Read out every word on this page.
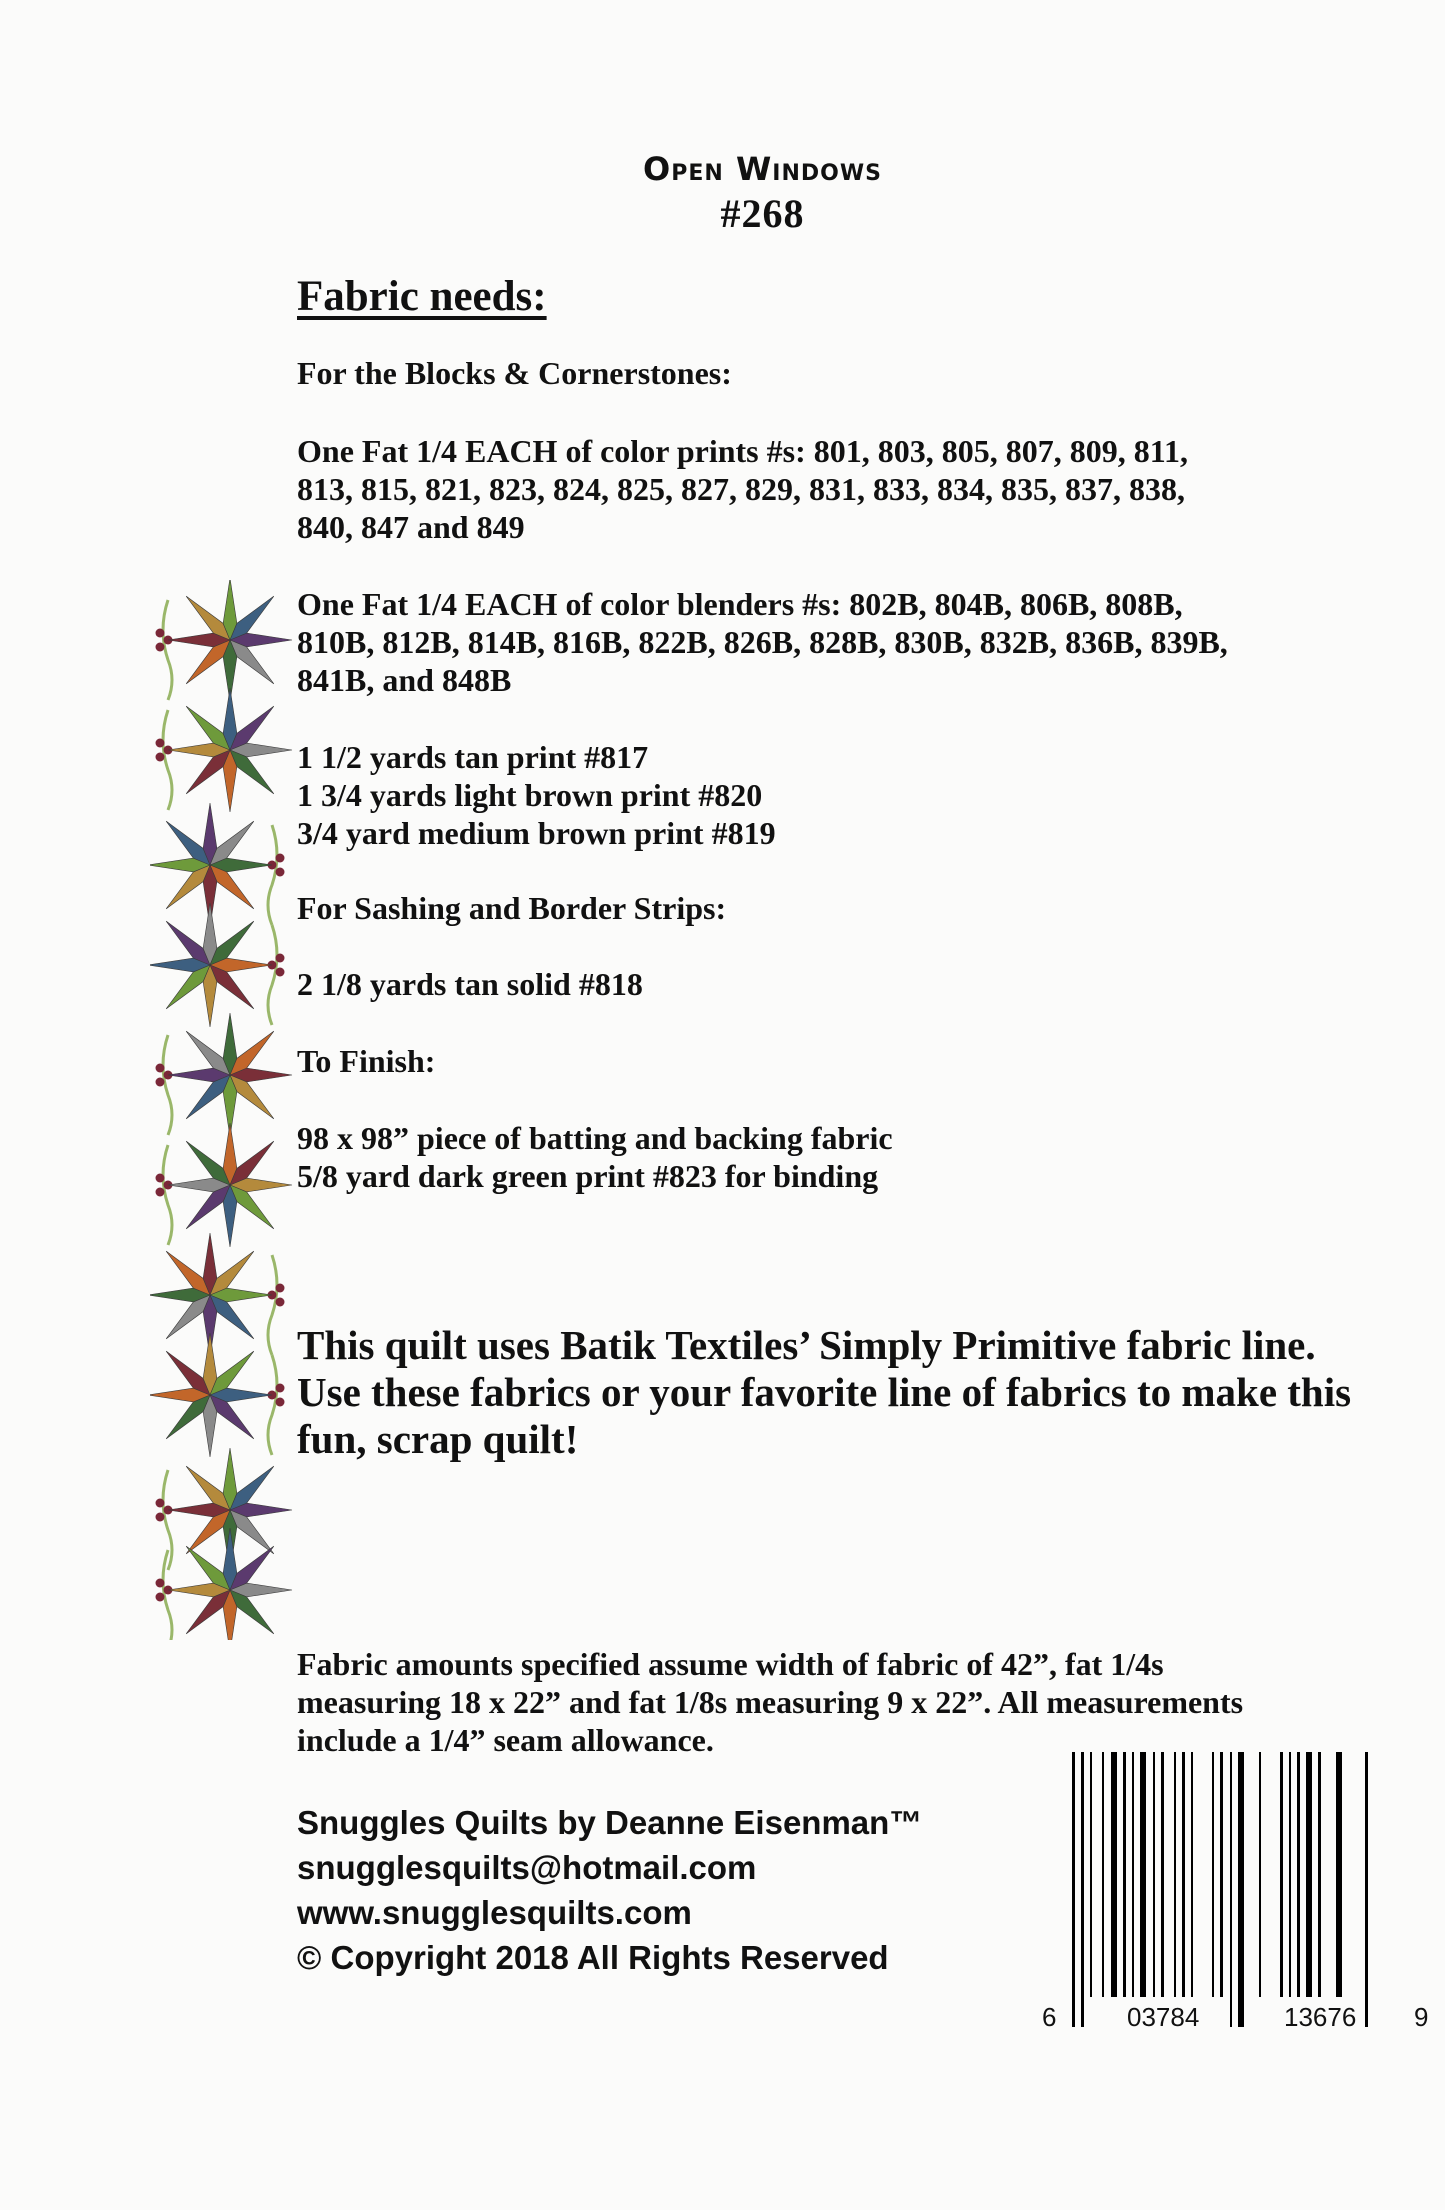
Open Windows
#268
Fabric needs:
For the Blocks & Cornerstones:
One Fat 1/4 EACH of color prints #s: 801, 803, 805, 807, 809, 811,
813, 815, 821, 823, 824, 825, 827, 829, 831, 833, 834, 835, 837, 838,
840, 847 and 849
One Fat 1/4 EACH of color blenders #s: 802B, 804B, 806B, 808B,
810B, 812B, 814B, 816B, 822B, 826B, 828B, 830B, 832B, 836B, 839B,
841B, and 848B
1 1/2 yards tan print #817
1 3/4 yards light brown print #820
3/4 yard medium brown print #819
For Sashing and Border Strips:
2 1/8 yards tan solid #818
To Finish:
98 x 98” piece of batting and backing fabric
5/8 yard dark green print #823 for binding
This quilt uses Batik Textiles’ Simply Primitive fabric line.
Use these fabrics or your favorite line of fabrics to make this
fun, scrap quilt!
Fabric amounts specified assume width of fabric of 42”, fat 1/4s
measuring 18 x 22” and fat 1/8s measuring 9 x 22”. All measurements
include a 1/4” seam allowance.
Snuggles Quilts by Deanne Eisenman™
snugglesquilts@hotmail.com
www.snugglesquilts.com
© Copyright 2018 All Rights Reserved
6	03784	13676 9
